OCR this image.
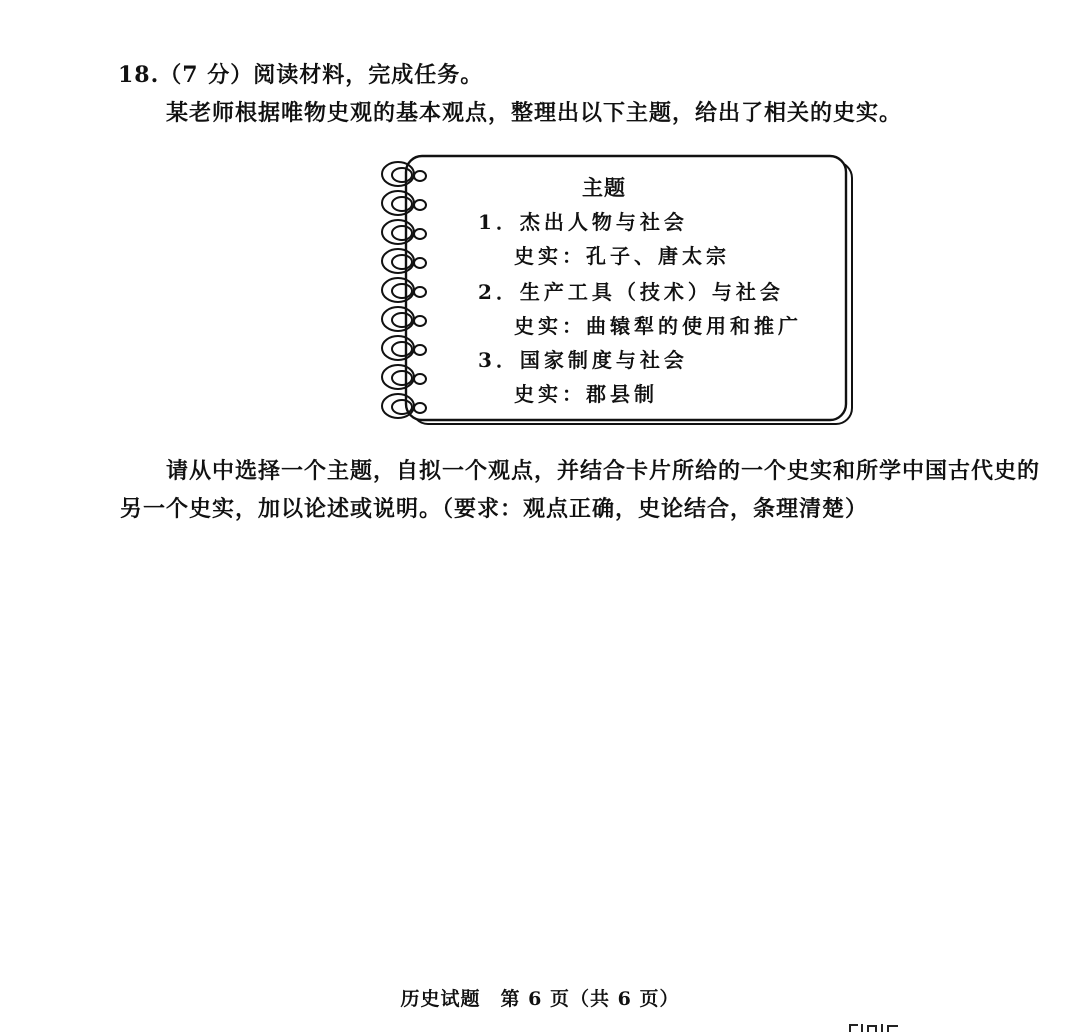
18.（7 分）阅读材料，完成任务。
某老师根据唯物史观的基本观点，整理出以下主题，给出了相关的史实。
主题
1．杰出人物与社会
史实：孔子、唐太宗
2．生产工具（技术）与社会
史实：曲辕犁的使用和推广
3．国家制度与社会
史实：郡县制
请从中选择一个主题，自拟一个观点，并结合卡片所给的一个史实和所学中国古代史的另一个史实，加以论述或说明。（要求：观点正确，史论结合，条理清楚）
历史试题　第 6 页（共 6 页）
